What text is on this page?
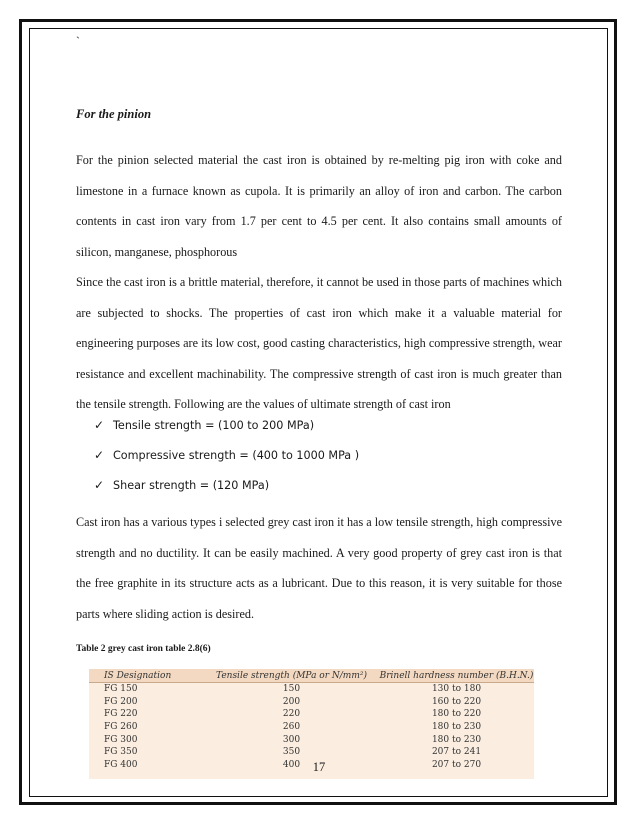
`
For the pinion

For the pinion selected material the cast iron is obtained by re-melting pig iron with coke and limestone in a furnace known as cupola. It is primarily an alloy of iron and carbon. The carbon contents in cast iron vary from 1.7 per cent to 4.5 per cent. It also contains small amounts of silicon, manganese, phosphorous

Since the cast iron is a brittle material, therefore, it cannot be used in those parts of machines which are subjected to shocks. The properties of cast iron which make it a valuable material for engineering purposes are its low cost, good casting characteristics, high compressive strength, wear resistance and excellent machinability. The compressive strength of cast iron is much greater than the tensile strength. Following are the values of ultimate strength of cast iron

✓ Tensile strength = (100 to 200 MPa)
✓ Compressive strength = (400 to 1000 MPa )
✓ Shear strength = (120 MPa)

Cast iron has a various types i selected grey cast iron it has a low tensile strength, high compressive strength and no ductility. It can be easily machined. A very good property of grey cast iron is that the free graphite in its structure acts as a lubricant. Due to this reason, it is very suitable for those parts where sliding action is desired.

Table 2 grey cast iron table 2.8(6)
IS Designation	Tensile strength (MPa or N/mm²)	Brinell hardness number (B.H.N.)
FG 150	150	130 to 180
FG 200	200	160 to 220
FG 220	220	180 to 220
FG 260	260	180 to 230
FG 300	300	180 to 230
FG 350	350	207 to 241
FG 400	400	207 to 270
17
